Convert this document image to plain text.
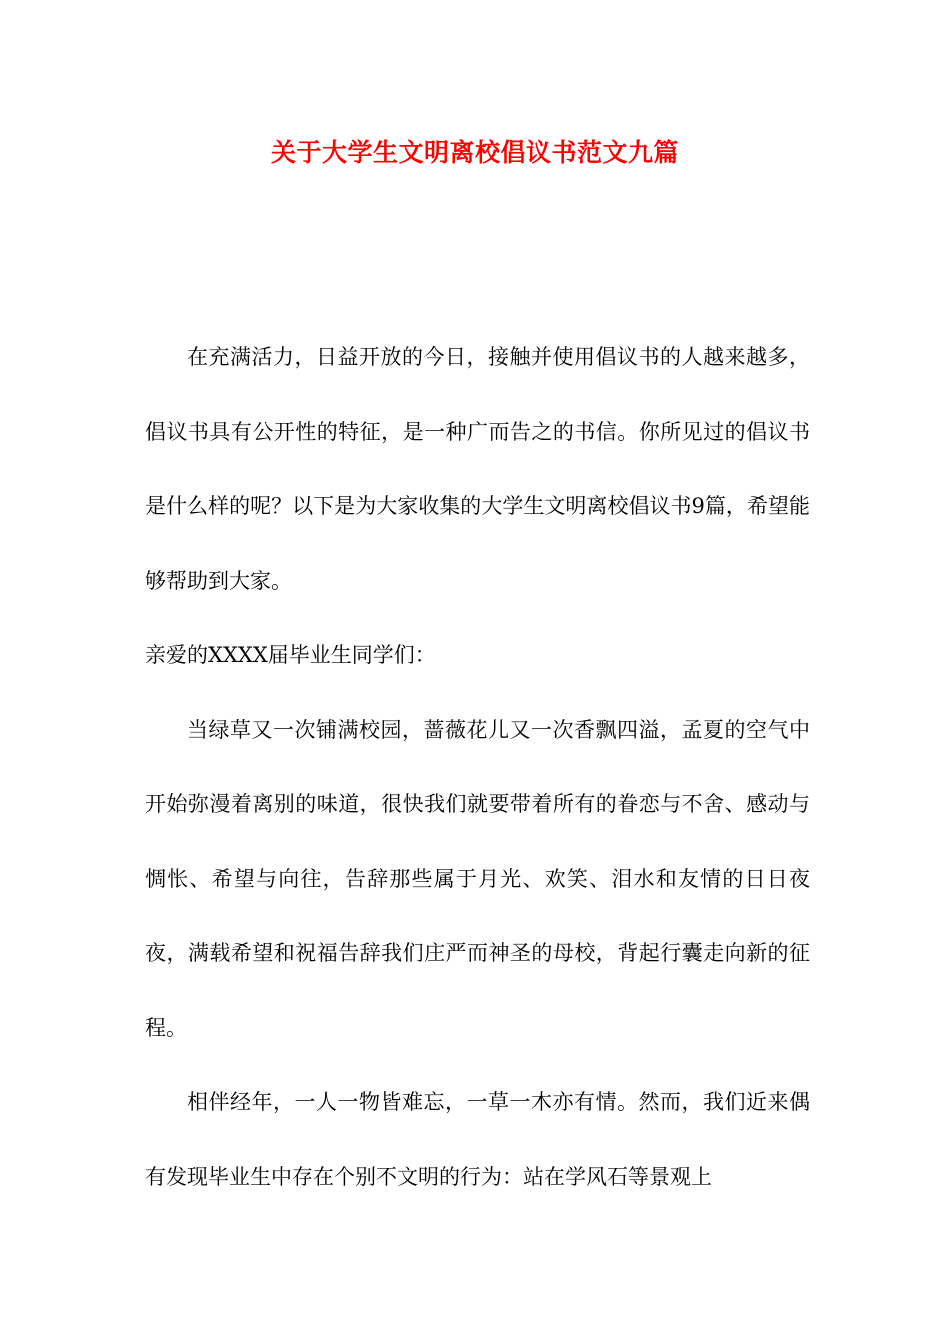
关于大学生文明离校倡议书范文九篇

在充满活力，日益开放的今日，接触并使用倡议书的人越来越多，倡议书具有公开性的特征，是一种广而告之的书信。你所见过的倡议书是什么样的呢？以下是为大家收集的大学生文明离校倡议书9篇，希望能够帮助到大家。

亲爱的XXXX届毕业生同学们：

当绿草又一次铺满校园，蔷薇花儿又一次香飘四溢，孟夏的空气中开始弥漫着离别的味道，很快我们就要带着所有的眷恋与不舍、感动与惆怅、希望与向往，告辞那些属于月光、欢笑、泪水和友情的日日夜夜，满载希望和祝福告辞我们庄严而神圣的母校，背起行囊走向新的征程。

相伴经年，一人一物皆难忘，一草一木亦有情。然而，我们近来偶有发现毕业生中存在个别不文明的行为：站在学风石等景观上
